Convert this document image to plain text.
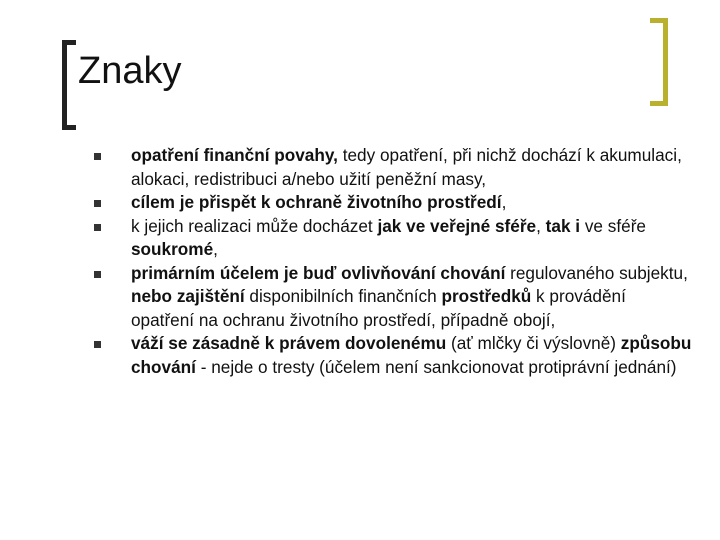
Znaky
opatření finanční povahy, tedy opatření, při nichž dochází k akumulaci, alokaci, redistribuci a/nebo užití peněžní masy,
cílem je přispět k ochraně životního prostředí,
k jejich realizaci může docházet jak ve veřejné sféře, tak i ve sféře soukromé,
primárním účelem je buď ovlivňování chování regulovaného subjektu, nebo zajištění disponibilních finančních prostředků k provádění opatření na ochranu životního prostředí, případně obojí,
váží se zásadně k právem dovolenému (ať mlčky či výslovně) způsobu chování - nejde o tresty (účelem není sankcionovat protiprávní jednání)
